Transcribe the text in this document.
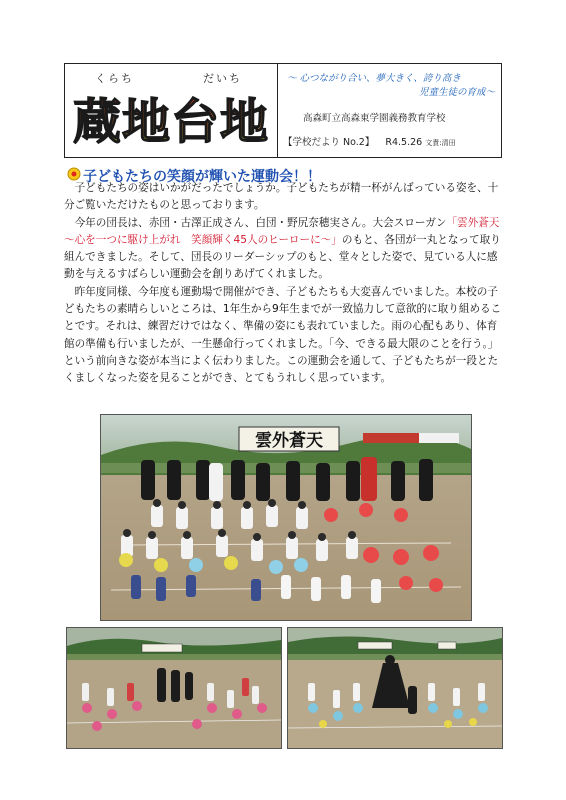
くらち	だいち
蔵地台地
～ 心つながり合い、夢大きく、誇り高き
児童生徒の育成～
高森町立高森東学園義務教育学校
【学校だより No.2】 R4.5.26 文責:清田
子どもたちの笑顔が輝いた運動会！！

子どもたちの姿はいかがだったでしょうか。子どもたちが精一杯がんばっている姿を、十分ご覧いただけたものと思っております。

今年の団長は、赤団・古澤正成さん、白団・野尻奈穂実さん。大会スローガン「雲外蒼天～心を一つに駆け上がれ　笑顔輝く45人のヒーローに～」のもと、各団が一丸となって取り組んできました。そして、団長のリーダーシップのもと、堂々とした姿で、見ている人に感動を与えるすばらしい運動会を創りあげてくれました。

昨年度同様、今年度も運動場で開催ができ、子どもたちも大変喜んでいました。本校の子どもたちの素晴らしいところは、1年生から9年生までが一致協力して意欲的に取り組めることです。それは、練習だけではなく、準備の姿にも表れていました。雨の心配もあり、体育館の準備も行いましたが、一生懸命行ってくれました。「今、できる最大限のことを行う。」という前向きな姿が本当によく伝わりました。この運動会を通して、子どもたちが一段とたくましくなった姿を見ることができ、とてもうれしく思っています。

雲外蒼天
